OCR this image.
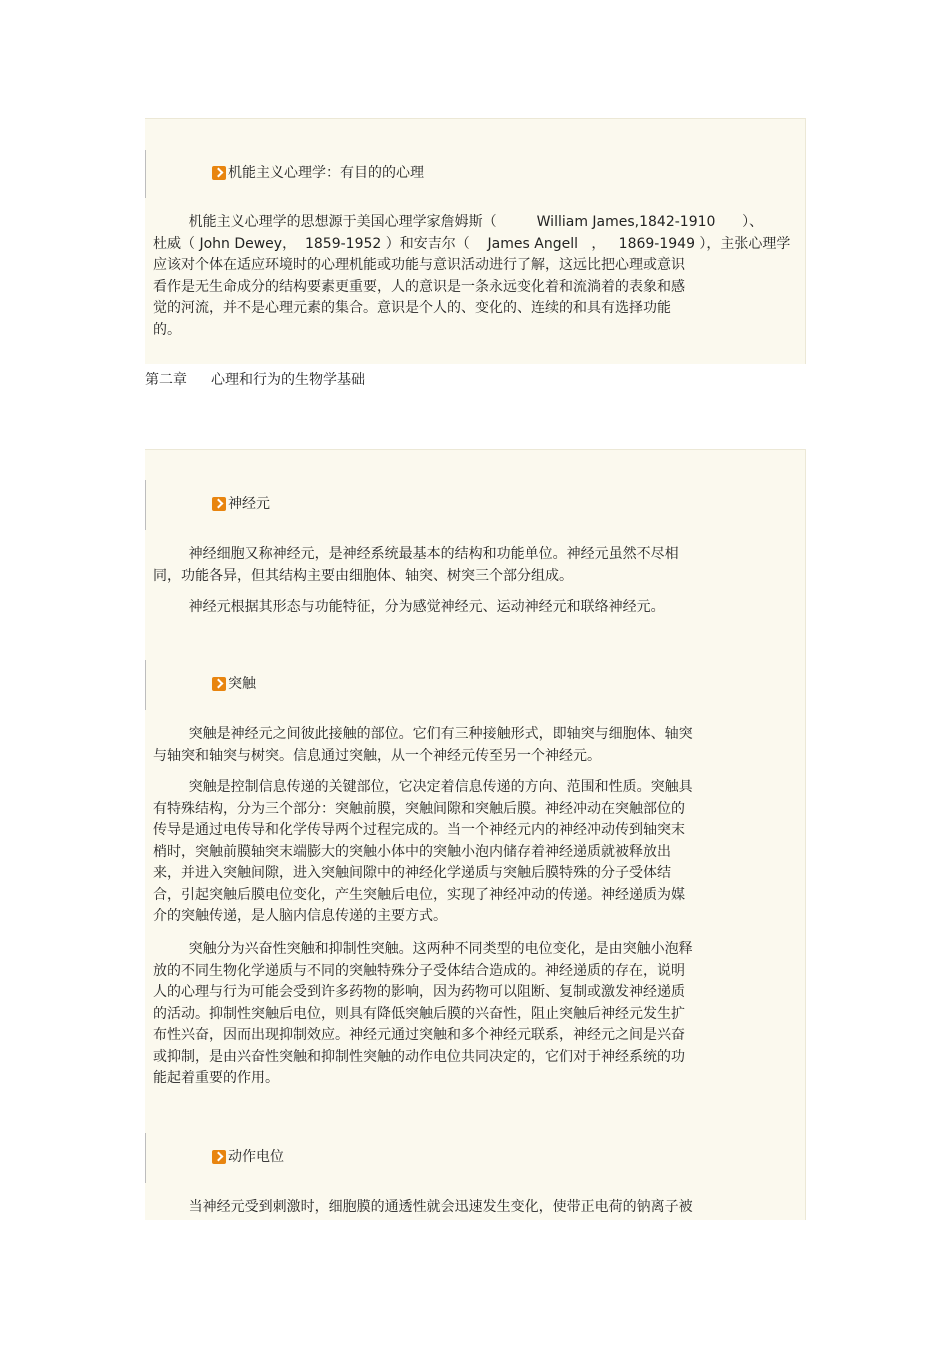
机能主义心理学：有目的的心理
机能主义心理学的思想源于美国心理学家詹姆斯（         William James,1842-1910      ）、
杜威（ John Dewey，  1859-1952 ）和安吉尔（    James Angell   ，   1869-1949 ），主张心理学
应该对个体在适应环境时的心理机能或功能与意识活动进行了解，这远比把心理或意识
看作是无生命成分的结构要素更重要，人的意识是一条永远变化着和流淌着的表象和感
觉的河流，并不是心理元素的集合。意识是个人的、变化的、连续的和具有选择功能
的。
第二章 心理和行为的生物学基础
神经元
神经细胞又称神经元，是神经系统最基本的结构和功能单位。神经元虽然不尽相
同，功能各异，但其结构主要由细胞体、轴突、树突三个部分组成。
神经元根据其形态与功能特征，分为感觉神经元、运动神经元和联络神经元。
突触
突触是神经元之间彼此接触的部位。它们有三种接触形式，即轴突与细胞体、轴突
与轴突和轴突与树突。信息通过突触，从一个神经元传至另一个神经元。
突触是控制信息传递的关键部位，它决定着信息传递的方向、范围和性质。突触具
有特殊结构，分为三个部分：突触前膜，突触间隙和突触后膜。神经冲动在突触部位的
传导是通过电传导和化学传导两个过程完成的。当一个神经元内的神经冲动传到轴突末
梢时，突触前膜轴突末端膨大的突触小体中的突触小泡内储存着神经递质就被释放出
来，并进入突触间隙，进入突触间隙中的神经化学递质与突触后膜特殊的分子受体结
合，引起突触后膜电位变化，产生突触后电位，实现了神经冲动的传递。神经递质为媒
介的突触传递，是人脑内信息传递的主要方式。
突触分为兴奋性突触和抑制性突触。这两种不同类型的电位变化，是由突触小泡释
放的不同生物化学递质与不同的突触特殊分子受体结合造成的。神经递质的存在，说明
人的心理与行为可能会受到许多药物的影响，因为药物可以阻断、复制或激发神经递质
的活动。抑制性突触后电位，则具有降低突触后膜的兴奋性，阻止突触后神经元发生扩
布性兴奋，因而出现抑制效应。神经元通过突触和多个神经元联系，神经元之间是兴奋
或抑制，是由兴奋性突触和抑制性突触的动作电位共同决定的，它们对于神经系统的功
能起着重要的作用。
动作电位
当神经元受到刺激时，细胞膜的通透性就会迅速发生变化，使带正电荷的钠离子被
